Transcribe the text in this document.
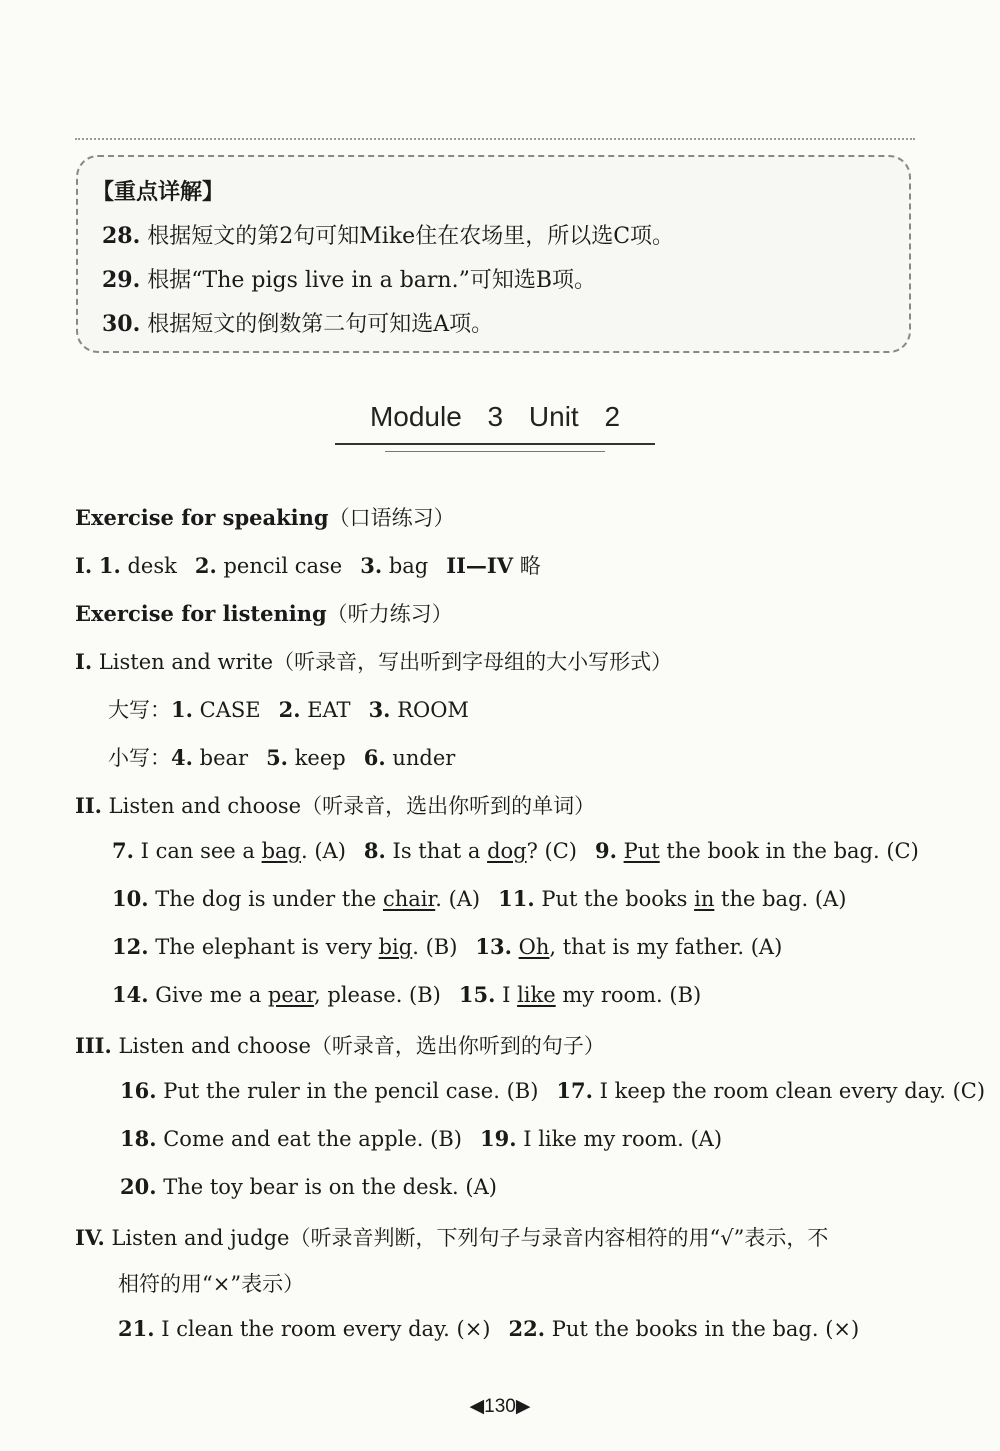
【重点详解】
28. 根据短文的第2句可知Mike住在农场里，所以选C项。
29. 根据“The pigs live in a barn.”可知选B项。
30. 根据短文的倒数第二句可知选A项。
Module 3 Unit 2
Exercise for speaking（口语练习）
I. 1. desk 2. pencil case 3. bag II—IV 略
Exercise for listening（听力练习）
I. Listen and write（听录音，写出听到字母组的大小写形式）
大写：1. CASE 2. EAT 3. ROOM
小写：4. bear 5. keep 6. under
II. Listen and choose（听录音，选出你听到的单词）
7. I can see a bag. (A) 8. Is that a dog? (C) 9. Put the book in the bag. (C)
10. The dog is under the chair. (A) 11. Put the books in the bag. (A)
12. The elephant is very big. (B) 13. Oh, that is my father. (A)
14. Give me a pear, please. (B) 15. I like my room. (B)
III. Listen and choose（听录音，选出你听到的句子）
16. Put the ruler in the pencil case. (B) 17. I keep the room clean every day. (C)
18. Come and eat the apple. (B) 19. I like my room. (A)
20. The toy bear is on the desk. (A)
IV. Listen and judge（听录音判断，下列句子与录音内容相符的用“√”表示，不
相符的用“×”表示）
21. I clean the room every day. (×) 22. Put the books in the bag. (×)
◀130▶
